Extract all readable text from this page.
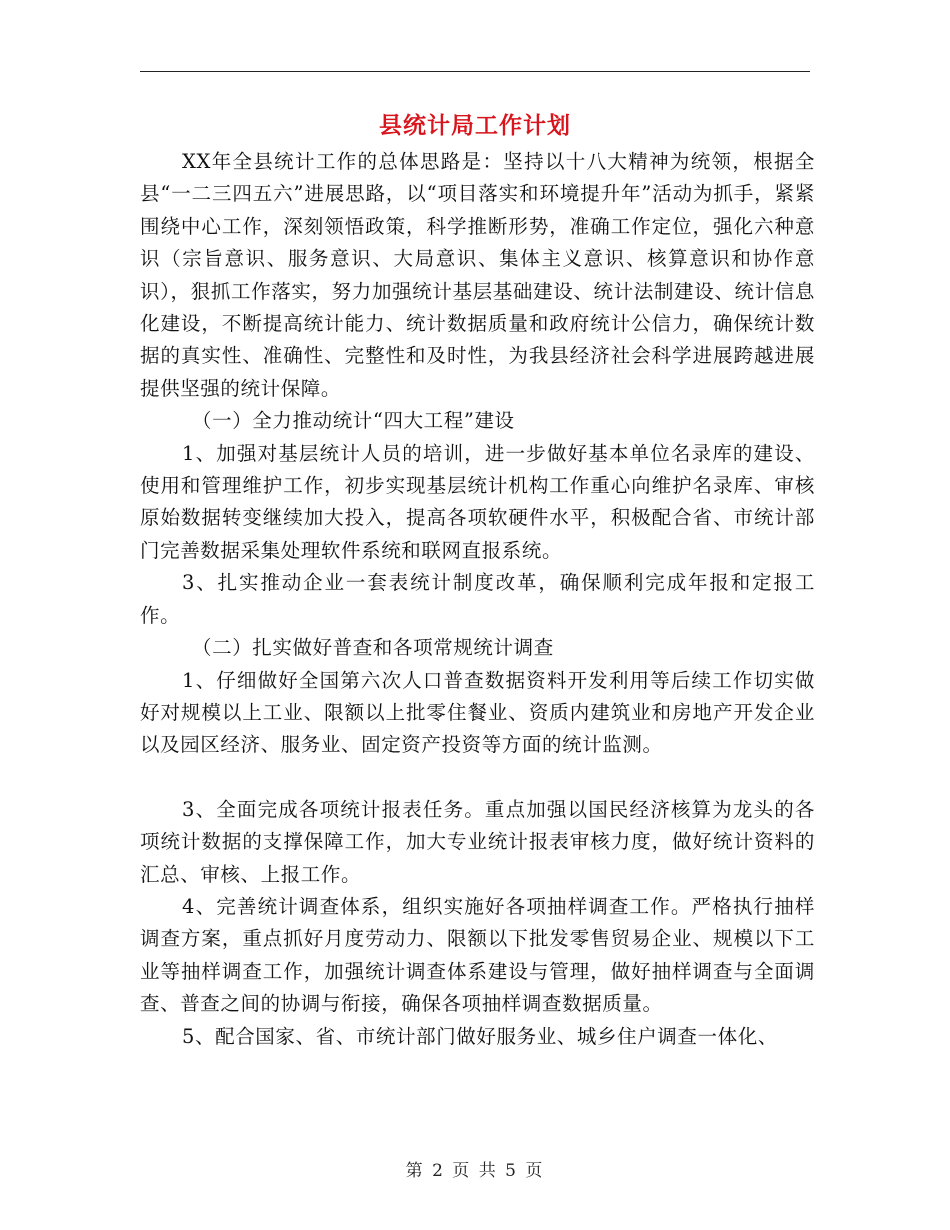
县统计局工作计划

XX年全县统计工作的总体思路是：坚持以十八大精神为统领，根据全县“一二三四五六”进展思路，以“项目落实和环境提升年”活动为抓手，紧紧围绕中心工作，深刻领悟政策，科学推断形势，准确工作定位，强化六种意识（宗旨意识、服务意识、大局意识、集体主义意识、核算意识和协作意识），狠抓工作落实，努力加强统计基层基础建设、统计法制建设、统计信息化建设，不断提高统计能力、统计数据质量和政府统计公信力，确保统计数据的真实性、准确性、完整性和及时性，为我县经济社会科学进展跨越进展提供坚强的统计保障。

（一）全力推动统计“四大工程”建设

1、加强对基层统计人员的培训，进一步做好基本单位名录库的建设、使用和管理维护工作，初步实现基层统计机构工作重心向维护名录库、审核原始数据转变继续加大投入，提高各项软硬件水平，积极配合省、市统计部门完善数据采集处理软件系统和联网直报系统。

3、扎实推动企业一套表统计制度改革，确保顺利完成年报和定报工作。

（二）扎实做好普查和各项常规统计调查

1、仔细做好全国第六次人口普查数据资料开发利用等后续工作切实做好对规模以上工业、限额以上批零住餐业、资质内建筑业和房地产开发企业以及园区经济、服务业、固定资产投资等方面的统计监测。

3、全面完成各项统计报表任务。重点加强以国民经济核算为龙头的各项统计数据的支撑保障工作，加大专业统计报表审核力度，做好统计资料的汇总、审核、上报工作。

4、完善统计调查体系，组织实施好各项抽样调查工作。严格执行抽样调查方案，重点抓好月度劳动力、限额以下批发零售贸易企业、规模以下工业等抽样调查工作，加强统计调查体系建设与管理，做好抽样调查与全面调查、普查之间的协调与衔接，确保各项抽样调查数据质量。

5、配合国家、省、市统计部门做好服务业、城乡住户调查一体化、

第 2 页 共 5 页
